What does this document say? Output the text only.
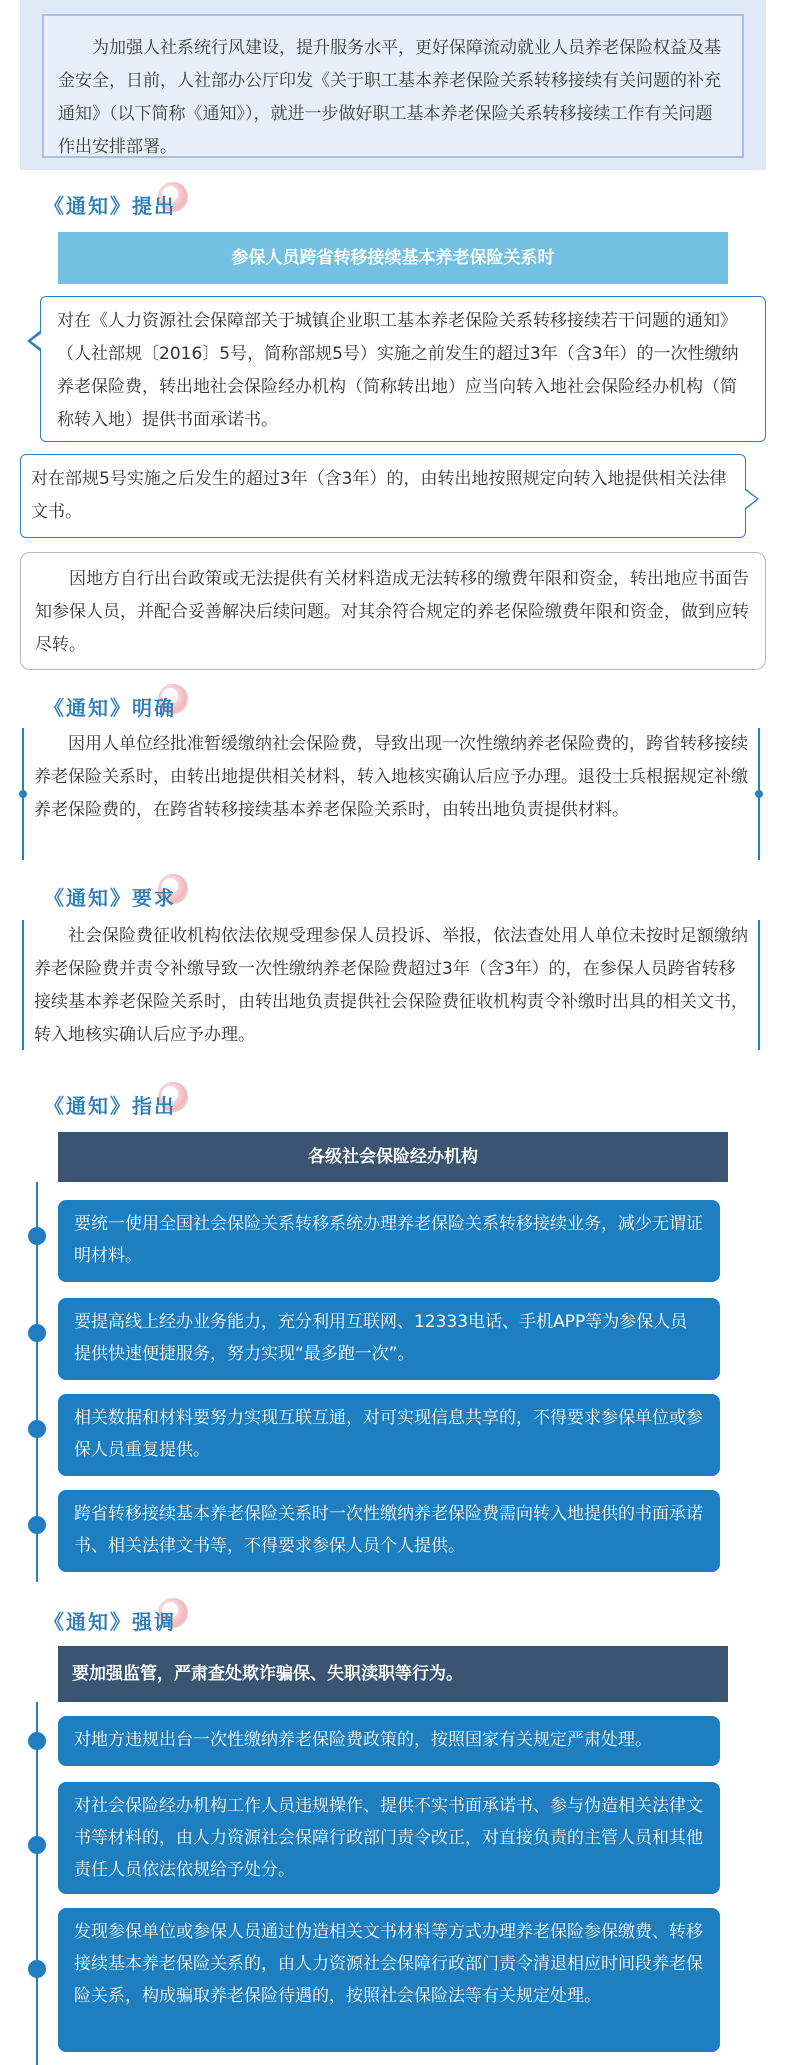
为加强人社系统行风建设，提升服务水平，更好保障流动就业人员养老保险权益及基金安全，日前，人社部办公厅印发《关于职工基本养老保险关系转移接续有关问题的补充通知》（以下简称《通知》），就进一步做好职工基本养老保险关系转移接续工作有关问题作出安排部署。
《通知》提出
参保人员跨省转移接续基本养老保险关系时
对在《人力资源社会保障部关于城镇企业职工基本养老保险关系转移接续若干问题的通知》（人社部规〔2016〕5号，简称部规5号）实施之前发生的超过3年（含3年）的一次性缴纳养老保险费，转出地社会保险经办机构（简称转出地）应当向转入地社会保险经办机构（简称转入地）提供书面承诺书。
对在部规5号实施之后发生的超过3年（含3年）的，由转出地按照规定向转入地提供相关法律文书。
因地方自行出台政策或无法提供有关材料造成无法转移的缴费年限和资金，转出地应书面告知参保人员，并配合妥善解决后续问题。对其余符合规定的养老保险缴费年限和资金，做到应转尽转。
《通知》明确
因用人单位经批准暂缓缴纳社会保险费，导致出现一次性缴纳养老保险费的，跨省转移接续养老保险关系时，由转出地提供相关材料，转入地核实确认后应予办理。退役士兵根据规定补缴养老保险费的，在跨省转移接续基本养老保险关系时，由转出地负责提供材料。
《通知》要求
社会保险费征收机构依法依规受理参保人员投诉、举报，依法查处用人单位未按时足额缴纳养老保险费并责令补缴导致一次性缴纳养老保险费超过3年（含3年）的，在参保人员跨省转移接续基本养老保险关系时，由转出地负责提供社会保险费征收机构责令补缴时出具的相关文书，转入地核实确认后应予办理。
《通知》指出
各级社会保险经办机构
要统一使用全国社会保险关系转移系统办理养老保险关系转移接续业务，减少无谓证明材料。
要提高线上经办业务能力，充分利用互联网、12333电话、手机APP等为参保人员提供快速便捷服务，努力实现“最多跑一次”。
相关数据和材料要努力实现互联互通，对可实现信息共享的，不得要求参保单位或参保人员重复提供。
跨省转移接续基本养老保险关系时一次性缴纳养老保险费需向转入地提供的书面承诺书、相关法律文书等，不得要求参保人员个人提供。
《通知》强调
要加强监管，严肃查处欺诈骗保、失职渎职等行为。
对地方违规出台一次性缴纳养老保险费政策的，按照国家有关规定严肃处理。
对社会保险经办机构工作人员违规操作、提供不实书面承诺书、参与伪造相关法律文书等材料的，由人力资源社会保障行政部门责令改正，对直接负责的主管人员和其他责任人员依法依规给予处分。
发现参保单位或参保人员通过伪造相关文书材料等方式办理养老保险参保缴费、转移接续基本养老保险关系的，由人力资源社会保障行政部门责令清退相应时间段养老保险关系，构成骗取养老保险待遇的，按照社会保险法等有关规定处理。
